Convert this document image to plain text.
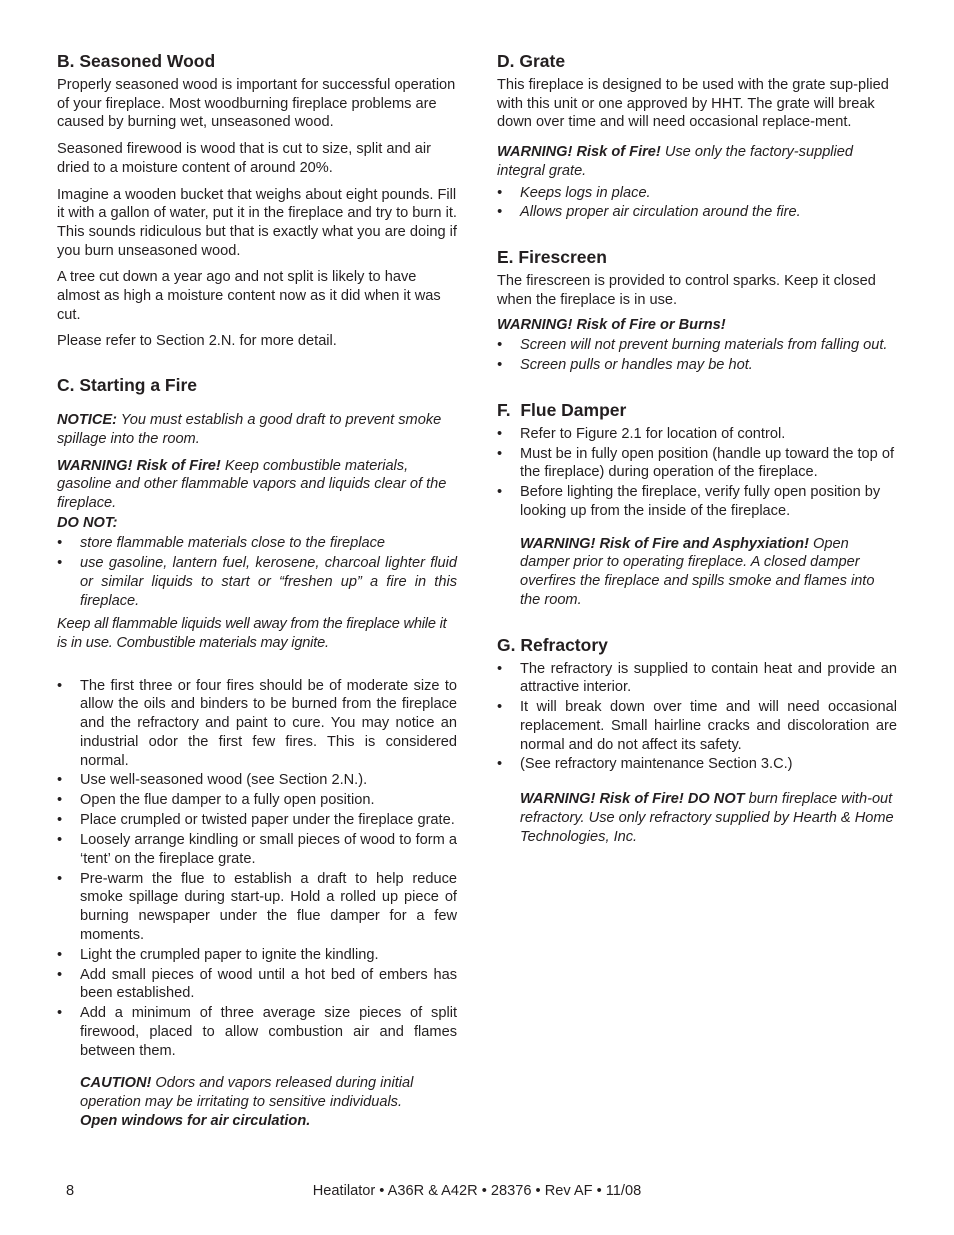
B. Seasoned Wood

Properly seasoned wood is important for successful operation of your fireplace. Most woodburning fireplace problems are caused by burning wet, unseasoned wood.

Seasoned firewood is wood that is cut to size, split and air dried to a moisture content of around 20%.

Imagine a wooden bucket that weighs about eight pounds. Fill it with a gallon of water, put it in the fireplace and try to burn it. This sounds ridiculous but that is exactly what you are doing if you burn unseasoned wood.

A tree cut down a year ago and not split is likely to have almost as high a moisture content now as it did when it was cut.

Please refer to Section 2.N. for more detail.

C. Starting a Fire

NOTICE: You must establish a good draft to prevent smoke spillage into the room.

WARNING! Risk of Fire! Keep combustible materials, gasoline and other flammable vapors and liquids clear of the fireplace.

DO NOT:

• store flammable materials close to the fireplace
• use gasoline, lantern fuel, kerosene, charcoal lighter fluid or similar liquids to start or “freshen up” a fire in this fireplace.

Keep all flammable liquids well away from the fireplace while it is in use. Combustible materials may ignite.

• The first three or four fires should be of moderate size to allow the oils and binders to be burned from the fireplace and the refractory and paint to cure. You may notice an industrial odor the first few fires. This is considered normal.
• Use well-seasoned wood (see Section 2.N.).
• Open the flue damper to a fully open position.
• Place crumpled or twisted paper under the fireplace grate.
• Loosely arrange kindling or small pieces of wood to form a ‘tent’ on the fireplace grate.
• Pre-warm the flue to establish a draft to help reduce smoke spillage during start-up. Hold a rolled up piece of burning newspaper under the flue damper for a few moments.
• Light the crumpled paper to ignite the kindling.
• Add small pieces of wood until a hot bed of embers has been established.
• Add a minimum of three average size pieces of split firewood, placed to allow combustion air and flames between them.

CAUTION! Odors and vapors released during initial operation may be irritating to sensitive individuals.
Open windows for air circulation.

D. Grate

This fireplace is designed to be used with the grate sup-plied with this unit or one approved by HHT. The grate will break down over time and will need occasional replace-ment.

WARNING! Risk of Fire! Use only the factory-supplied integral grate.

• Keeps logs in place.
• Allows proper air circulation around the fire.
E. Firescreen

The firescreen is provided to control sparks. Keep it closed when the fireplace is in use.

WARNING! Risk of Fire or Burns!

• Screen will not prevent burning materials from falling out.
• Screen pulls or handles may be hot.
F.  Flue Damper
• Refer to Figure 2.1 for location of control.
• Must be in fully open position (handle up toward the top of the fireplace) during operation of the fireplace.
• Before lighting the fireplace, verify fully open position by looking up from the inside of the fireplace.

WARNING! Risk of Fire and Asphyxiation! Open damper prior to operating fireplace. A closed damper overfires the fireplace and spills smoke and flames into the room.

G. Refractory
• The refractory is supplied to contain heat and provide an attractive interior.
• It will break down over time and will need occasional replacement. Small hairline cracks and discoloration are normal and do not affect its safety.
• (See refractory maintenance Section 3.C.)

WARNING! Risk of Fire! DO NOT burn fireplace with-out refractory. Use only refractory supplied by Hearth & Home Technologies, Inc.

8	Heatilator • A36R & A42R • 28376 • Rev AF • 11/08
